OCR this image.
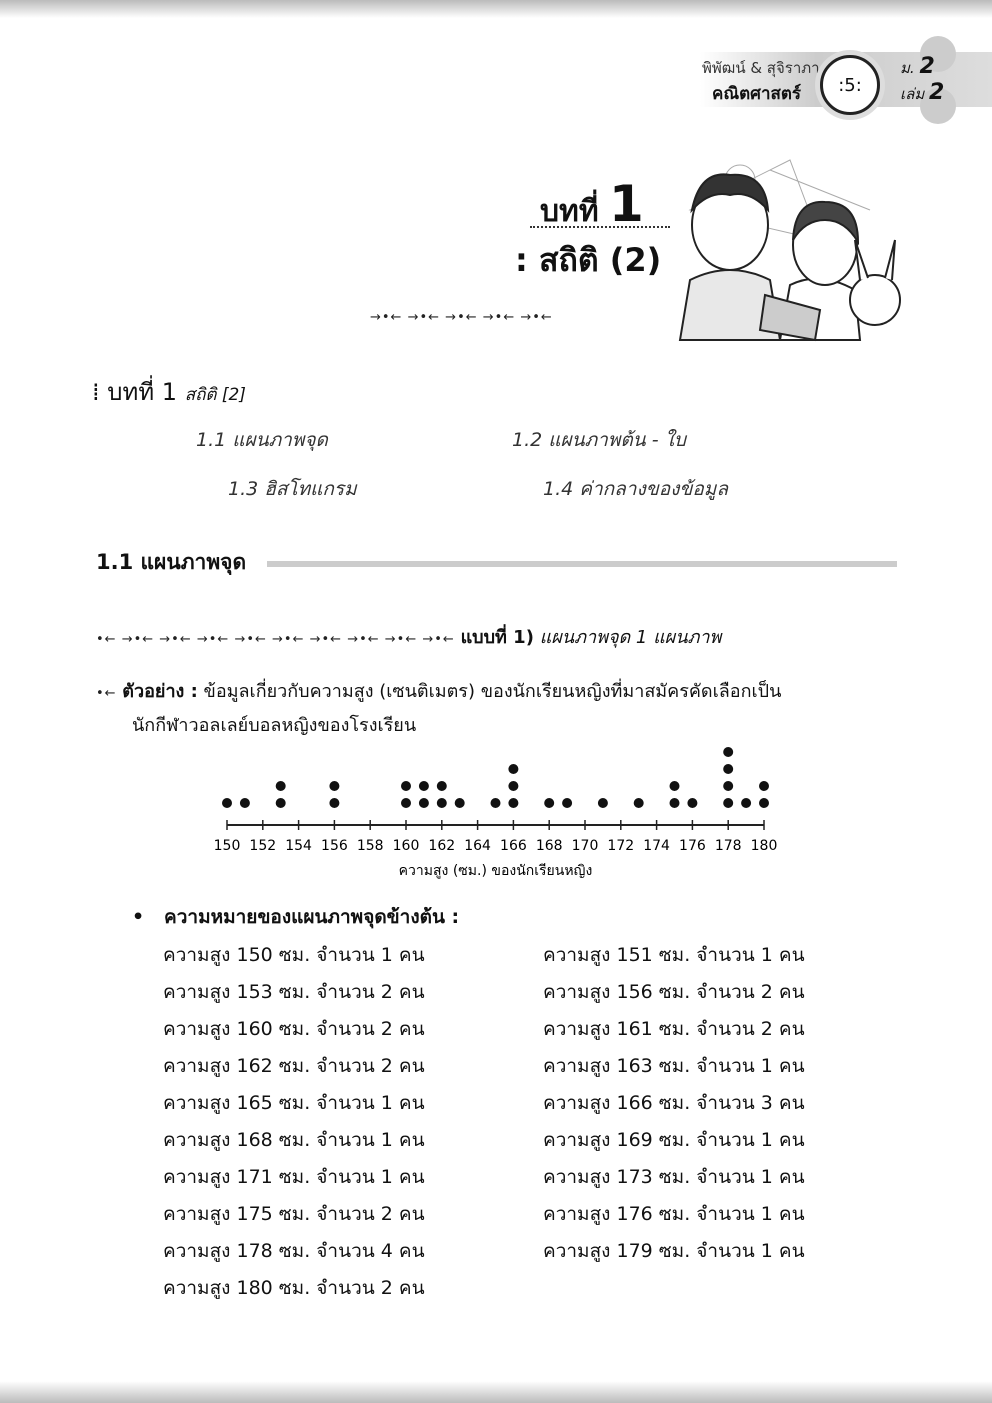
พิพัฒน์ & สุจิราภา
คณิตศาสตร์ :5:
ม. 2
เล่ม 2
บทที่ 1
: สถิติ (2)
→•← →•← →•← →•← →•←
⁞ บทที่ 1 สถิติ [2]
1.1 แผนภาพจุด	1.2 แผนภาพต้น - ใบ
1.3 ฮิสโทแกรม	1.4 ค่ากลางของข้อมูล
1.1 แผนภาพจุด
•← →•← →•← →•← →•← →•← →•← →•← →•← →•← แบบที่ 1) แผนภาพจุด 1 แผนภาพ
•← ตัวอย่าง : ข้อมูลเกี่ยวกับความสูง (เซนติเมตร) ของนักเรียนหญิงที่มาสมัครคัดเลือกเป็น
นักกีฬาวอลเลย์บอลหญิงของโรงเรียน
150 152 154 156 158 160 162 164 166 168 170 172 174 176 178 180
ความสูง (ซม.) ของนักเรียนหญิง
• ความหมายของแผนภาพจุดข้างต้น :
ความสูง 150 ซม. จำนวน 1 คน
ความสูง 153 ซม. จำนวน 2 คน
ความสูง 160 ซม. จำนวน 2 คน
ความสูง 162 ซม. จำนวน 2 คน
ความสูง 165 ซม. จำนวน 1 คน
ความสูง 168 ซม. จำนวน 1 คน
ความสูง 171 ซม. จำนวน 1 คน
ความสูง 175 ซม. จำนวน 2 คน
ความสูง 178 ซม. จำนวน 4 คน
ความสูง 180 ซม. จำนวน 2 คน
ความสูง 151 ซม. จำนวน 1 คน
ความสูง 156 ซม. จำนวน 2 คน
ความสูง 161 ซม. จำนวน 2 คน
ความสูง 163 ซม. จำนวน 1 คน
ความสูง 166 ซม. จำนวน 3 คน
ความสูง 169 ซม. จำนวน 1 คน
ความสูง 173 ซม. จำนวน 1 คน
ความสูง 176 ซม. จำนวน 1 คน
ความสูง 179 ซม. จำนวน 1 คน
